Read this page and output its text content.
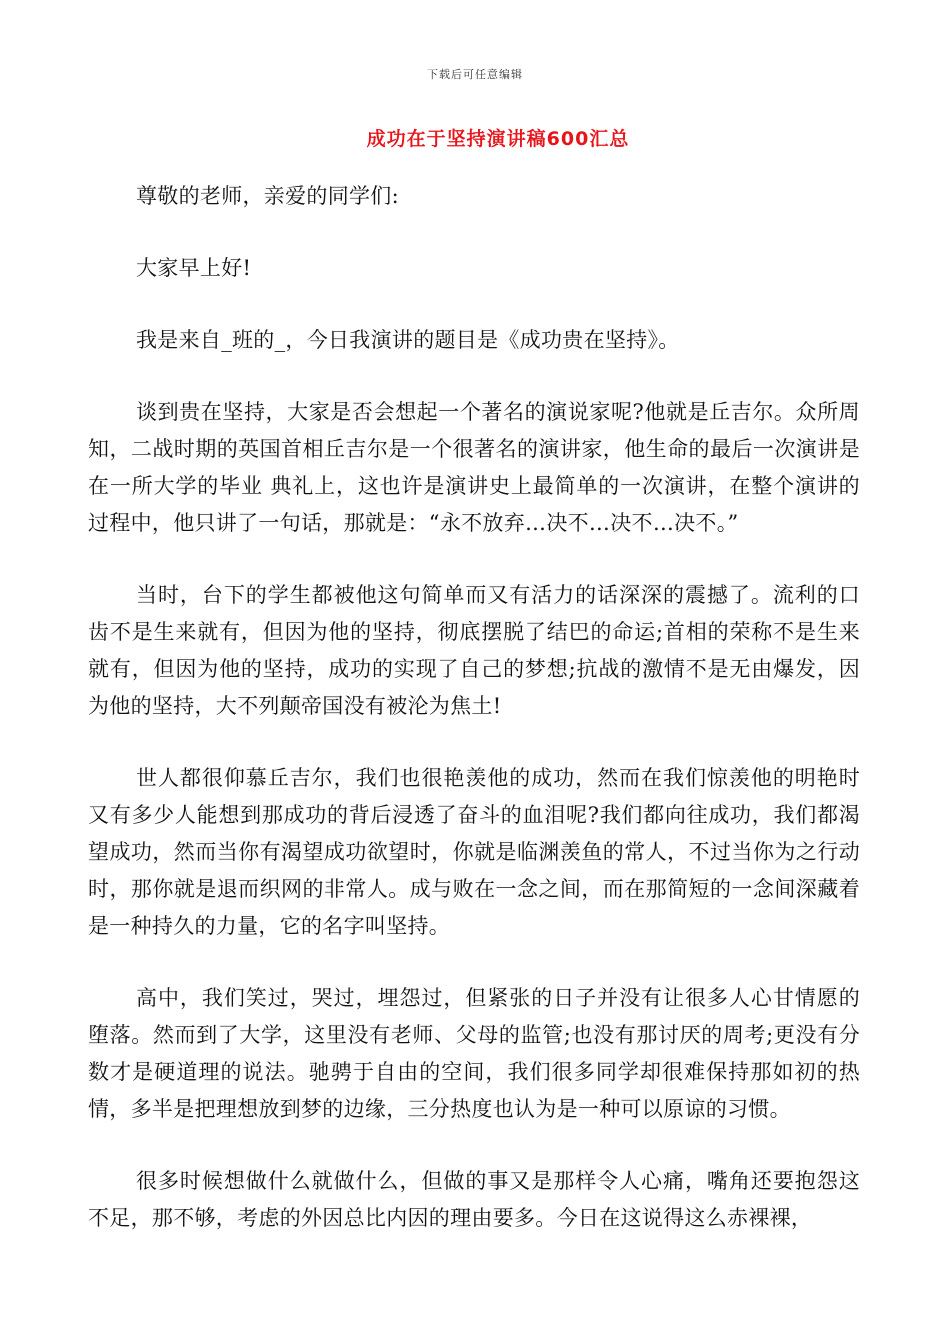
下载后可任意编辑
成功在于坚持演讲稿600汇总

尊敬的老师，亲爱的同学们:

大家早上好!

我是来自_班的_，今日我演讲的题目是《成功贵在坚持》。

谈到贵在坚持，大家是否会想起一个著名的演说家呢?他就是丘吉尔。众所周知，二战时期的英国首相丘吉尔是一个很著名的演讲家，他生命的最后一次演讲是在一所大学的毕业 典礼上，这也许是演讲史上最简单的一次演讲，在整个演讲的过程中，他只讲了一句话，那就是：“永不放弃…决不…决不…决不。”

当时，台下的学生都被他这句简单而又有活力的话深深的震撼了。流利的口齿不是生来就有，但因为他的坚持，彻底摆脱了结巴的命运;首相的荣称不是生来就有，但因为他的坚持，成功的实现了自己的梦想;抗战的激情不是无由爆发，因为他的坚持，大不列颠帝国没有被沦为焦土!

世人都很仰慕丘吉尔，我们也很艳羡他的成功，然而在我们惊羡他的明艳时又有多少人能想到那成功的背后浸透了奋斗的血泪呢?我们都向往成功，我们都渴望成功，然而当你有渴望成功欲望时，你就是临渊羡鱼的常人，不过当你为之行动时，那你就是退而织网的非常人。成与败在一念之间，而在那简短的一念间深藏着是一种持久的力量，它的名字叫坚持。

高中，我们笑过，哭过，埋怨过，但紧张的日子并没有让很多人心甘情愿的堕落。然而到了大学，这里没有老师、父母的监管;也没有那讨厌的周考;更没有分数才是硬道理的说法。驰骋于自由的空间，我们很多同学却很难保持那如初的热情，多半是把理想放到梦的边缘，三分热度也认为是一种可以原谅的习惯。

很多时候想做什么就做什么，但做的事又是那样令人心痛，嘴角还要抱怨这不足，那不够，考虑的外因总比内因的理由要多。今日在这说得这么赤裸裸，
